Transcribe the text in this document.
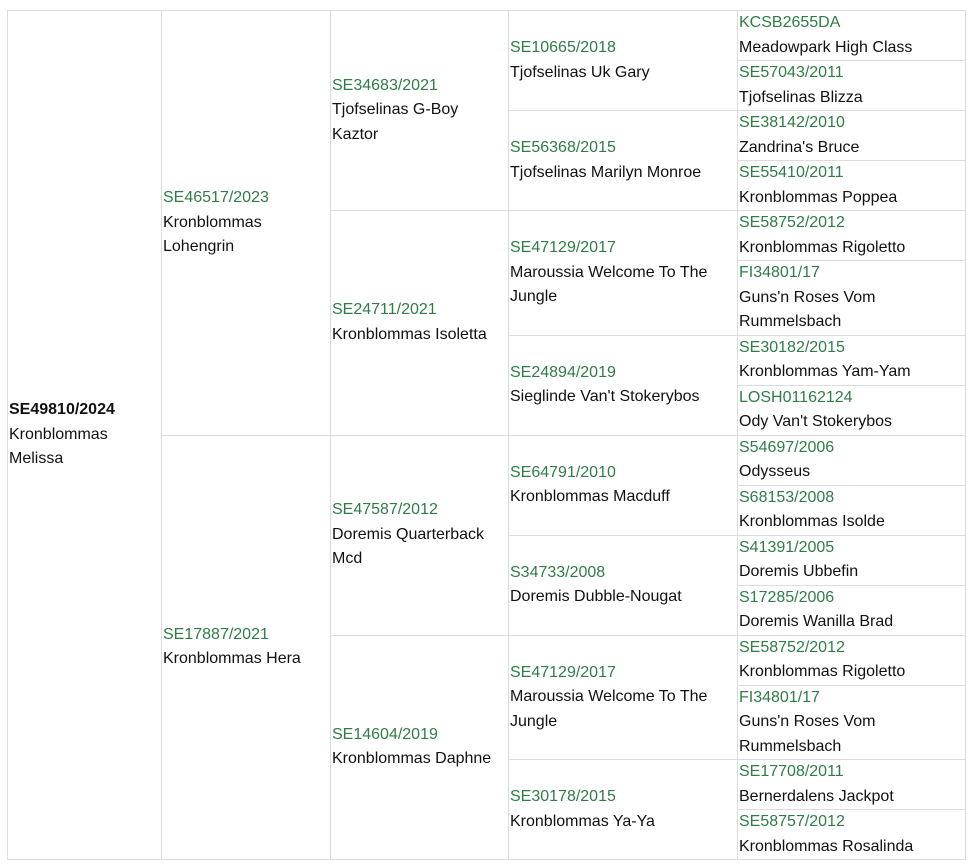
SE49810/2024
Kronblommas Melissa	SE46517/2023
Kronblommas Lohengrin	SE34683/2021
Tjofselinas G-Boy Kaztor	SE10665/2018
Tjofselinas Uk Gary	KCSB2655DA
Meadowpark High Class

				SE57043/2011
Tjofselinas Blizza

			SE56368/2015
Tjofselinas Marilyn Monroe	SE38142/2010
Zandrina's Bruce

				SE55410/2011
Kronblommas Poppea

		SE24711/2021
Kronblommas Isoletta	SE47129/2017
Maroussia Welcome To The Jungle	SE58752/2012
Kronblommas Rigoletto

				FI34801/17
Guns'n Roses Vom Rummelsbach

			SE24894/2019
Sieglinde Van't Stokerybos	SE30182/2015
Kronblommas Yam-Yam

				LOSH01162124
Ody Van't Stokerybos

	SE17887/2021
Kronblommas Hera	SE47587/2012
Doremis Quarterback Mcd	SE64791/2010
Kronblommas Macduff	S54697/2006
Odysseus

				S68153/2008
Kronblommas Isolde

			S34733/2008
Doremis Dubble-Nougat	S41391/2005
Doremis Ubbefin

				S17285/2006
Doremis Wanilla Brad

		SE14604/2019
Kronblommas Daphne	SE47129/2017
Maroussia Welcome To The Jungle	SE58752/2012
Kronblommas Rigoletto

				FI34801/17
Guns'n Roses Vom Rummelsbach

			SE30178/2015
Kronblommas Ya-Ya	SE17708/2011
Bernerdalens Jackpot

				SE58757/2012
Kronblommas Rosalinda
